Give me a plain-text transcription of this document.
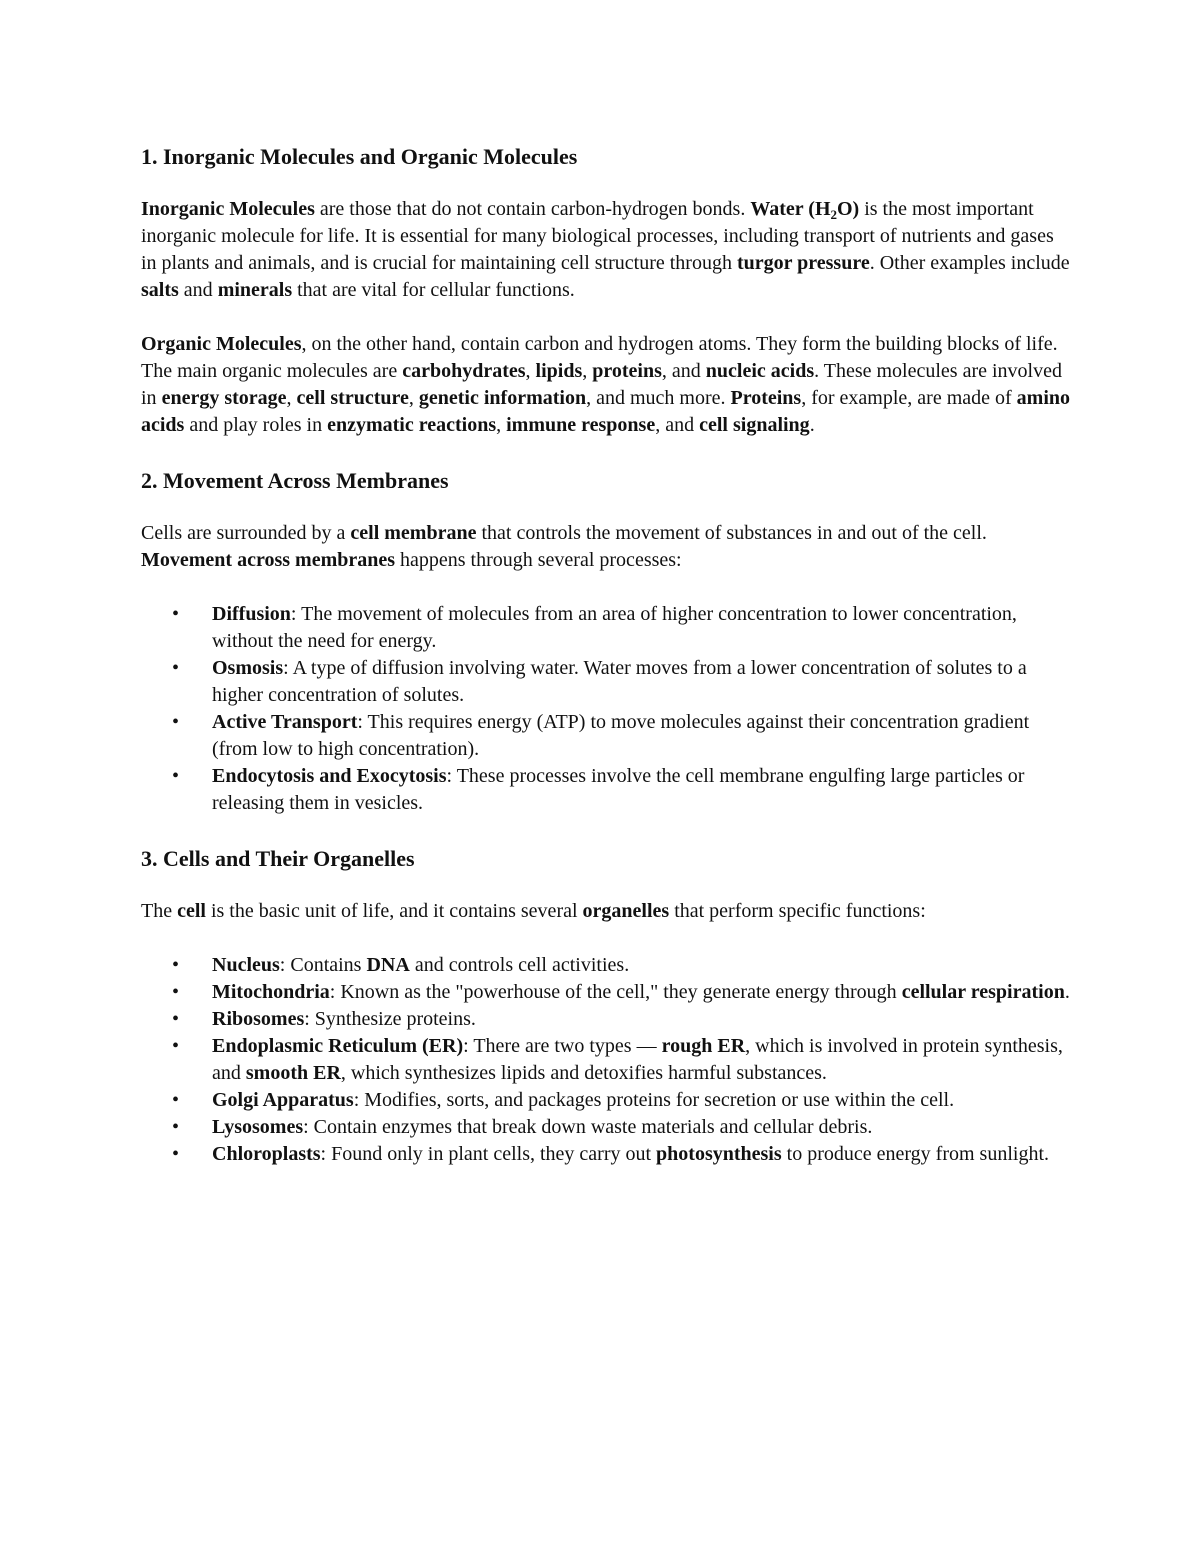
1. Inorganic Molecules and Organic Molecules

Inorganic Molecules are those that do not contain carbon-hydrogen bonds. Water $(H_2O)$ is the most important inorganic molecule for life. It is essential for many biological processes, including transport of nutrients and gases in plants and animals, and is crucial for maintaining cell structure through turgor pressure. Other examples include salts and minerals that are vital for cellular functions.

Organic Molecules, on the other hand, contain carbon and hydrogen atoms. They form the building blocks of life. The main organic molecules are carbohydrates, lipids, proteins, and nucleic acids. These molecules are involved in energy storage, cell structure, genetic information, and much more. Proteins, for example, are made of amino acids and play roles in enzymatic reactions, immune response, and cell signaling.

2. Movement Across Membranes

Cells are surrounded by a cell membrane that controls the movement of substances in and out of the cell. Movement across membranes happens through several processes:

• Diffusion: The movement of molecules from an area of higher concentration to lower concentration, without the need for energy.
• Osmosis: A type of diffusion involving water. Water moves from a lower concentration of solutes to a higher concentration of solutes.
• Active Transport: This requires energy (ATP) to move molecules against their concentration gradient (from low to high concentration).
• Endocytosis and Exocytosis: These processes involve the cell membrane engulfing large particles or releasing them in vesicles.
3. Cells and Their Organelles

The cell is the basic unit of life, and it contains several organelles that perform specific functions:

• Nucleus: Contains DNA and controls cell activities.
• Mitochondria: Known as the "powerhouse of the cell," they generate energy through cellular respiration.
• Ribosomes: Synthesize proteins.
• Endoplasmic Reticulum (ER): There are two types — rough ER, which is involved in protein synthesis, and smooth ER, which synthesizes lipids and detoxifies harmful substances.
• Golgi Apparatus: Modifies, sorts, and packages proteins for secretion or use within the cell.
• Lysosomes: Contain enzymes that break down waste materials and cellular debris.
• Chloroplasts: Found only in plant cells, they carry out photosynthesis to produce energy from sunlight.
